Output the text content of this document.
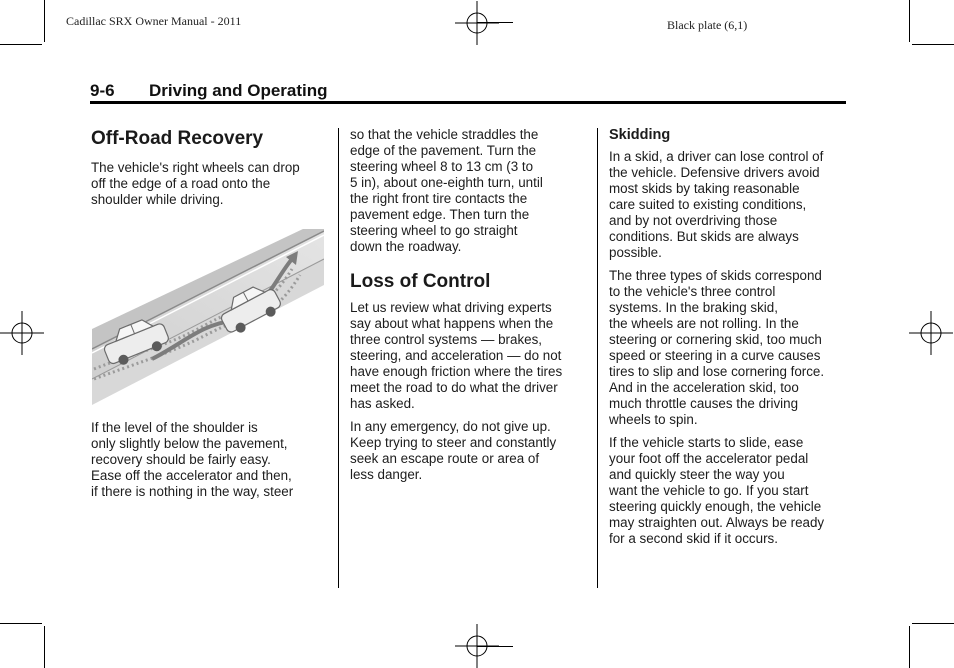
Cadillac SRX Owner Manual - 2011	Black plate (6,1)
9-6 Driving and Operating
Off-Road Recovery

The vehicle's right wheels can drop
off the edge of a road onto the
shoulder while driving.

If the level of the shoulder is
only slightly below the pavement,
recovery should be fairly easy.
Ease off the accelerator and then,
if there is nothing in the way, steer

so that the vehicle straddles the
edge of the pavement. Turn the
steering wheel 8 to 13 cm (3 to
5 in), about one-eighth turn, until
the right front tire contacts the
pavement edge. Then turn the
steering wheel to go straight
down the roadway.

Loss of Control

Let us review what driving experts
say about what happens when the
three control systems — brakes,
steering, and acceleration — do not
have enough friction where the tires
meet the road to do what the driver
has asked.

In any emergency, do not give up.
Keep trying to steer and constantly
seek an escape route or area of
less danger.

Skidding

In a skid, a driver can lose control of
the vehicle. Defensive drivers avoid
most skids by taking reasonable
care suited to existing conditions,
and by not overdriving those
conditions. But skids are always
possible.

The three types of skids correspond
to the vehicle's three control
systems. In the braking skid,
the wheels are not rolling. In the
steering or cornering skid, too much
speed or steering in a curve causes
tires to slip and lose cornering force.
And in the acceleration skid, too
much throttle causes the driving
wheels to spin.

If the vehicle starts to slide, ease
your foot off the accelerator pedal
and quickly steer the way you
want the vehicle to go. If you start
steering quickly enough, the vehicle
may straighten out. Always be ready
for a second skid if it occurs.
